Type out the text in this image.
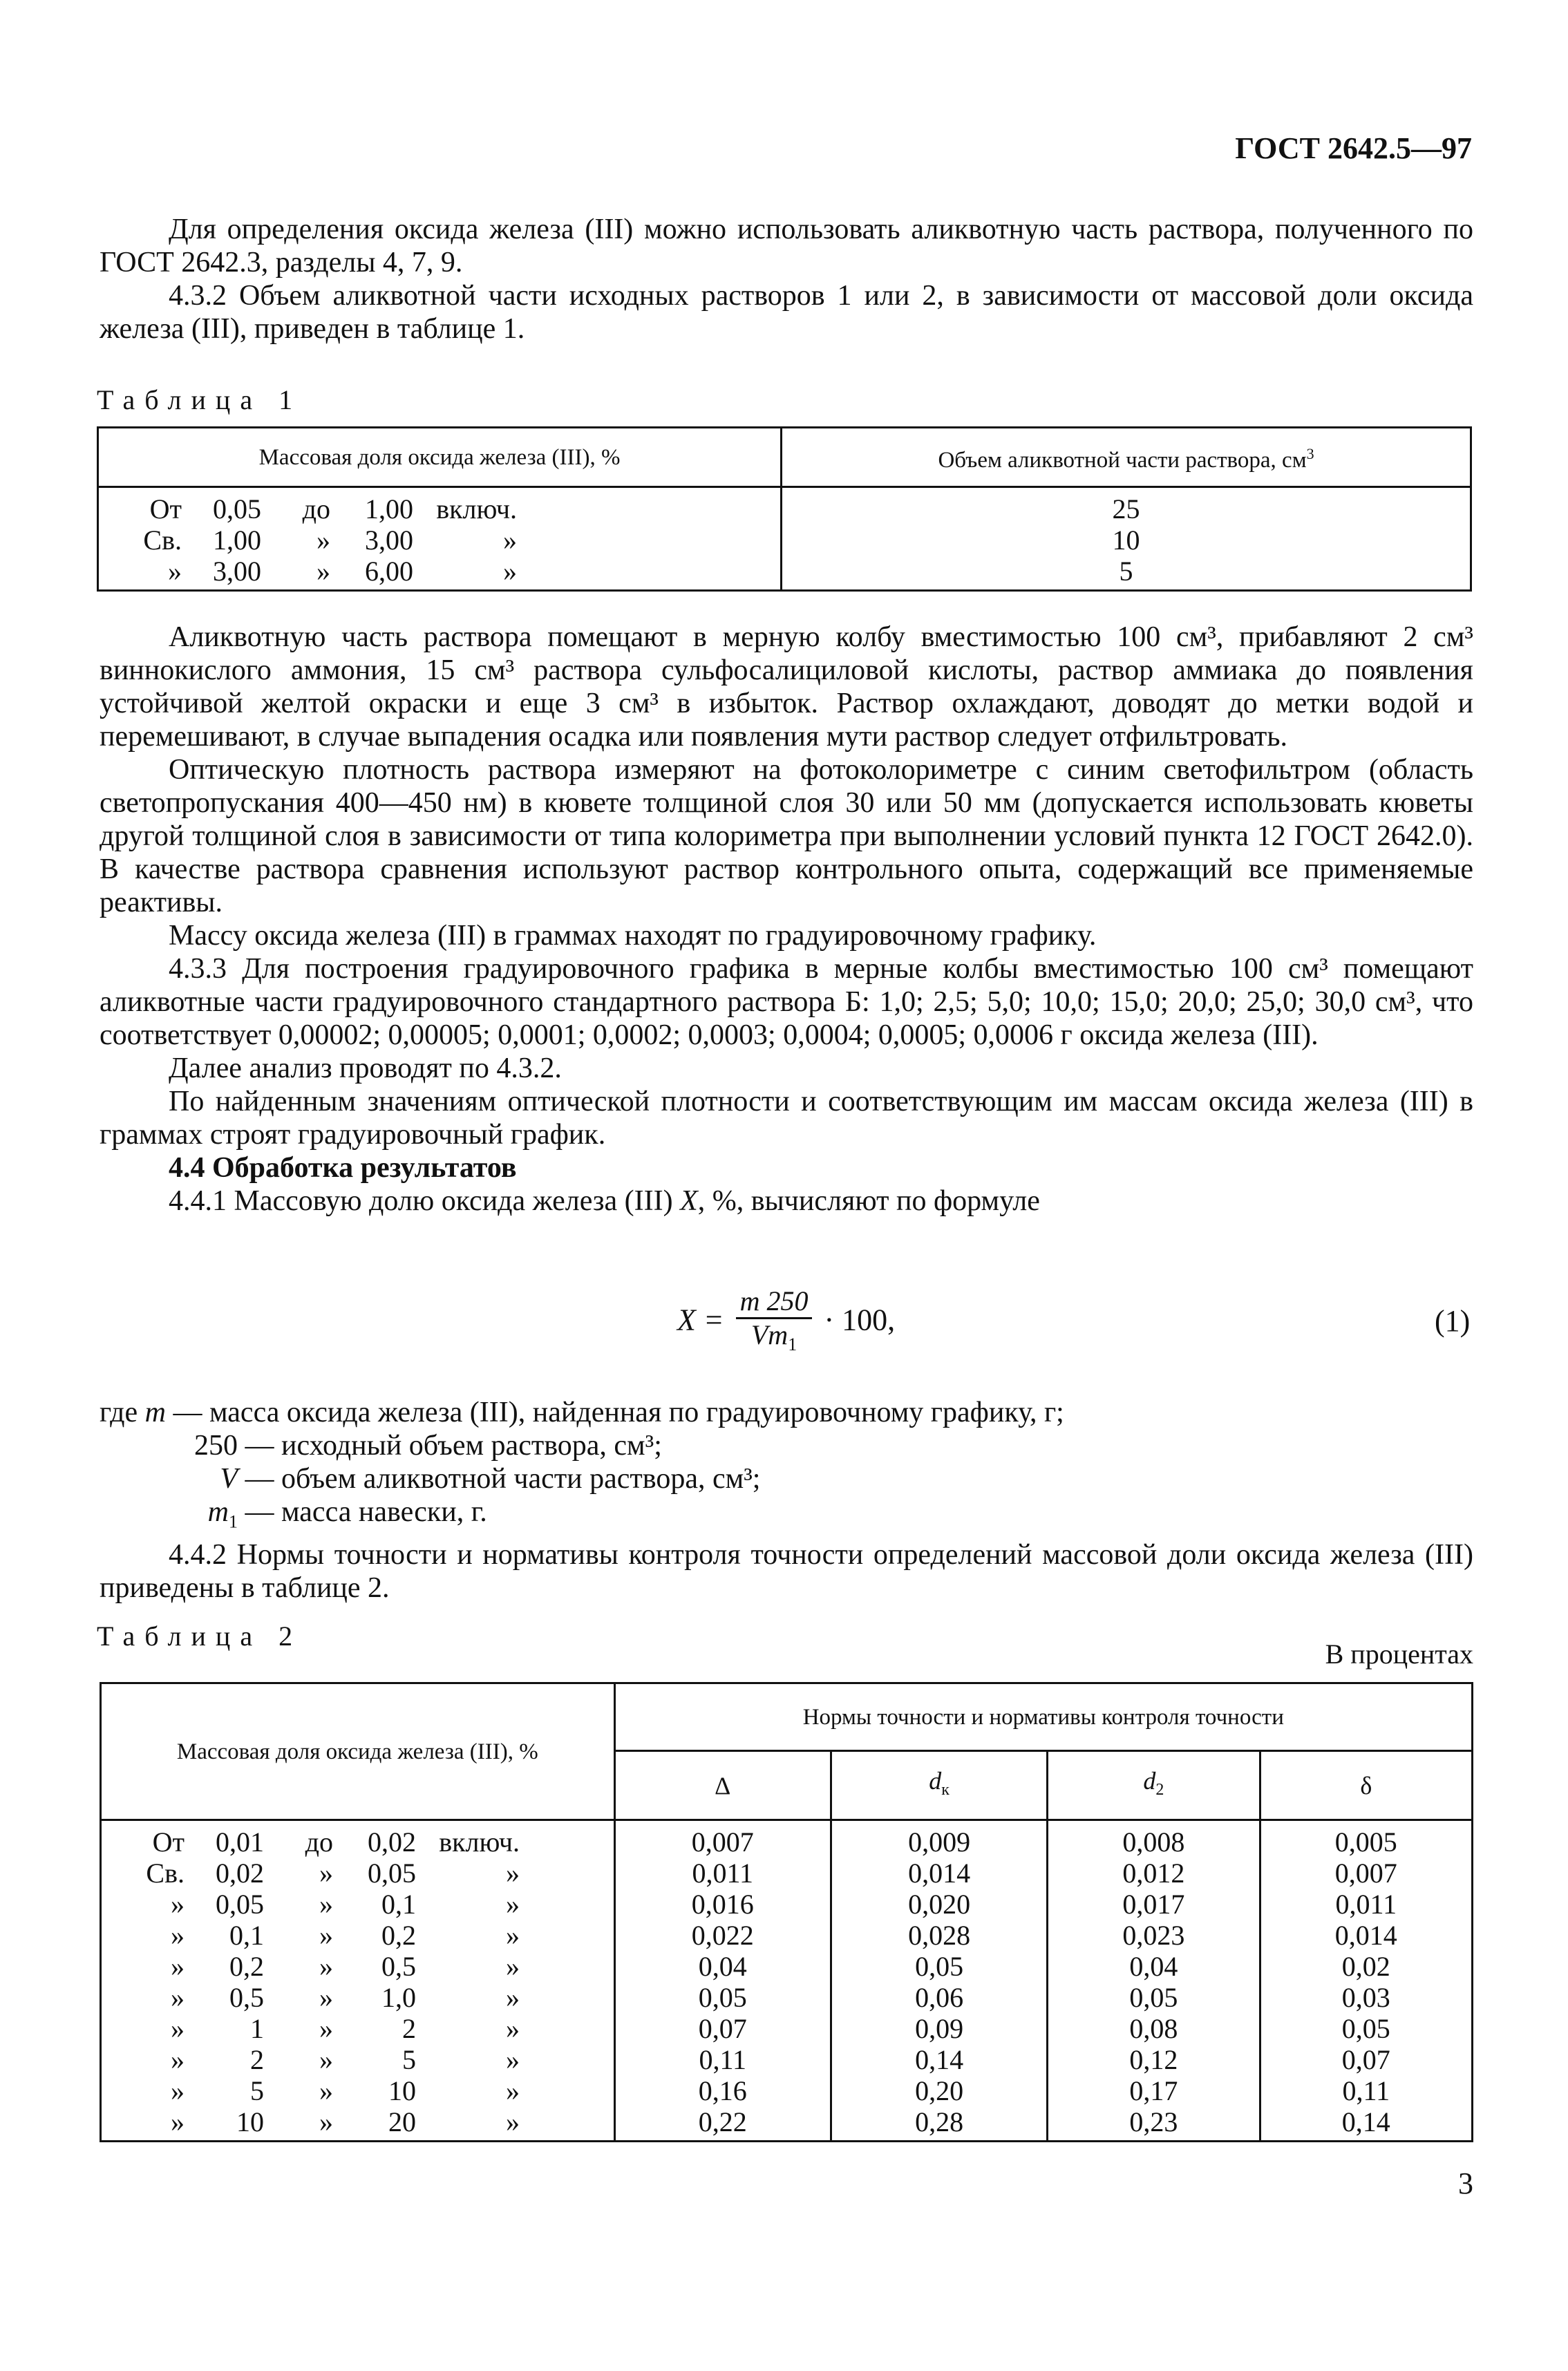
ГОСТ 2642.5—97

Для определения оксида железа (III) можно использовать аликвотную часть раствора, полученного по ГОСТ 2642.3, разделы 4, 7, 9.

4.3.2 Объем аликвотной части исходных растворов 1 или 2, в зависимости от массовой доли оксида железа (III), приведен в таблице 1.

Таблица 1
Массовая доля оксида железа (III), %	Объем аликвотной части раствора, $см^3$
От 0,05 до 1,00 включ.	25
Св. 1,00 » 3,00 »	10
» 3,00 » 6,00 »	5

Аликвотную часть раствора помещают в мерную колбу вместимостью 100 см³, прибавляют 2 см³ виннокислого аммония, 15 см³ раствора сульфосалициловой кислоты, раствор аммиака до появления устойчивой желтой окраски и еще 3 см³ в избыток. Раствор охлаждают, доводят до метки водой и перемешивают, в случае выпадения осадка или появления мути раствор следует отфильтровать.

Оптическую плотность раствора измеряют на фотоколориметре с синим светофильтром (область светопропускания 400—450 нм) в кювете толщиной слоя 30 или 50 мм (допускается использовать кюветы другой толщиной слоя в зависимости от типа колориметра при выполнении условий пункта 12 ГОСТ 2642.0). В качестве раствора сравнения используют раствор контрольного опыта, содержащий все применяемые реактивы.

Массу оксида железа (III) в граммах находят по градуировочному графику.

4.3.3 Для построения градуировочного графика в мерные колбы вместимостью 100 см³ помещают аликвотные части градуировочного стандартного раствора Б: 1,0; 2,5; 5,0; 10,0; 15,0; 20,0; 25,0; 30,0 см³, что соответствует 0,00002; 0,00005; 0,0001; 0,0002; 0,0003; 0,0004; 0,0005; 0,0006 г оксида железа (III).

Далее анализ проводят по 4.3.2.

По найденным значениям оптической плотности и соответствующим им массам оксида железа (III) в граммах строят градуировочный график.

4.4 Обработка результатов

4.4.1 Массовую долю оксида железа (III) X, %, вычисляют по формуле

$X = \frac{m 250}{Vm_1} \cdot 100$,	(1)
где m — масса оксида железа (III), найденная по градуировочному графику, г;
250 — исходный объем раствора, см³;
V — объем аликвотной части раствора, см³;
$m_1$ — масса навески, г.

4.4.2 Нормы точности и нормативы контроля точности определений массовой доли оксида железа (III) приведены в таблице 2.

Таблица 2
В процентах
Массовая доля оксида железа (III), %	Нормы точности и нормативы контроля точности			
	Δ	$d_к$	$d_2$	δ
От 0,01 до 0,02 включ.	0,007	0,009	0,008	0,005
Св. 0,02 » 0,05 »	0,011	0,014	0,012	0,007
» 0,05 » 0,1 »	0,016	0,020	0,017	0,011
» 0,1 » 0,2 »	0,022	0,028	0,023	0,014
» 0,2 » 0,5 »	0,04	0,05	0,04	0,02
» 0,5 » 1,0 »	0,05	0,06	0,05	0,03
» 1 » 2 »	0,07	0,09	0,08	0,05
» 2 » 5 »	0,11	0,14	0,12	0,07
» 5 » 10 »	0,16	0,20	0,17	0,11
» 10 » 20 »	0,22	0,28	0,23	0,14
3
